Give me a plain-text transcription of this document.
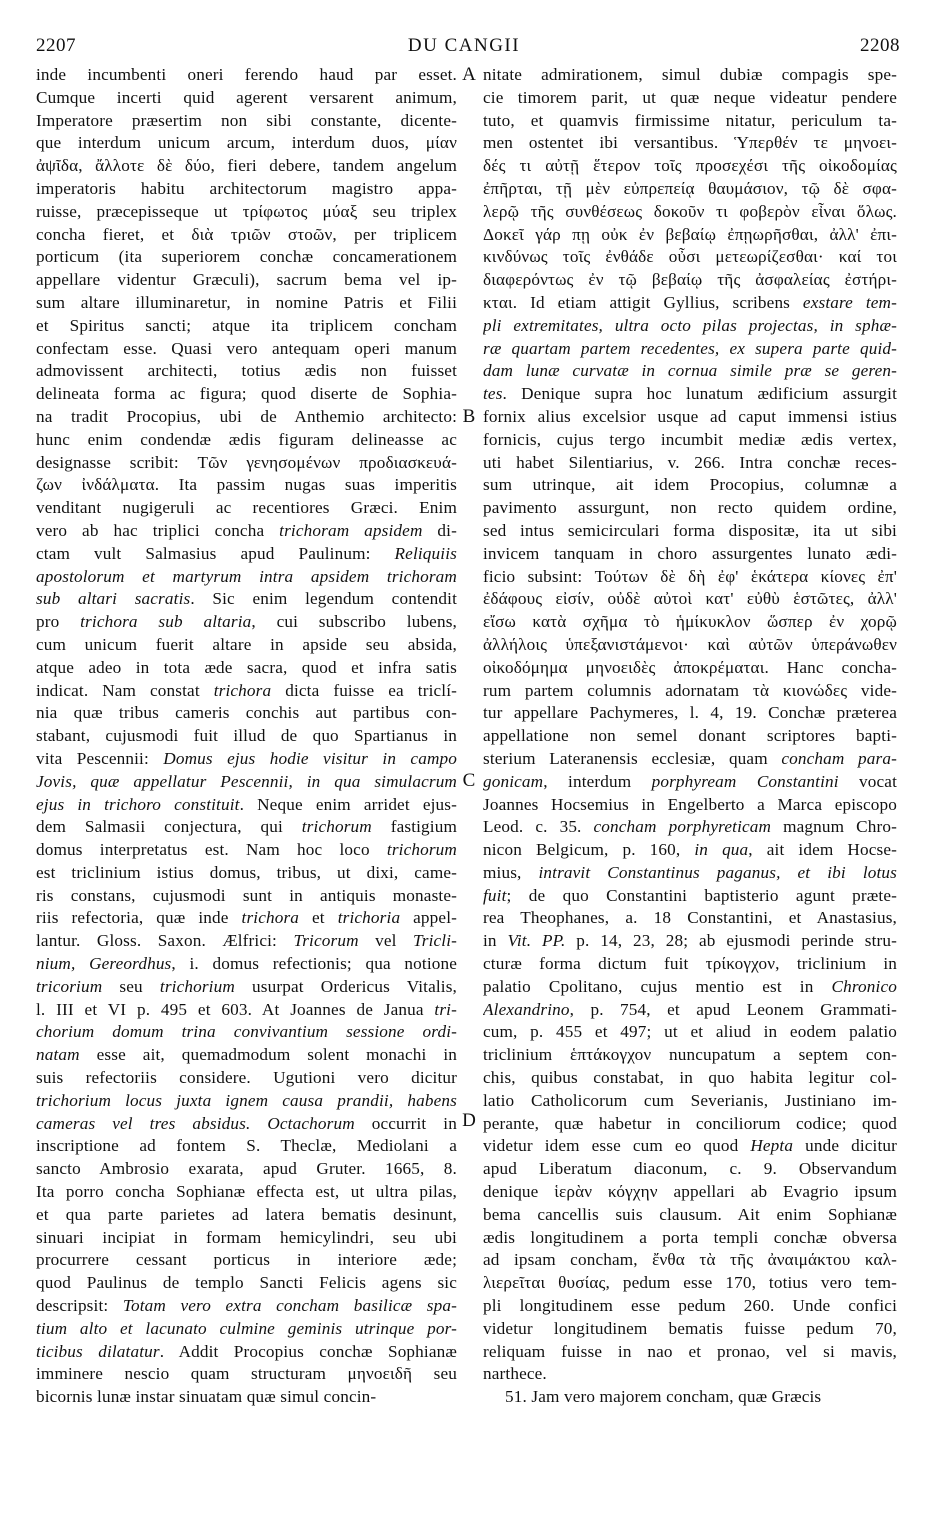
2207	DU CANGII	2208
inde incumbenti oneri ferendo haud par esset.
Cumque incerti quid agerent versarent animum,
Imperatore præsertim non sibi constante, dicente-
que interdum unicum arcum, interdum duos, μίαν
ἀψῖδα, ἄλλοτε δὲ δύο, fieri debere, tandem angelum
imperatoris habitu architectorum magistro appa-
ruisse, præcepisseque ut τρίφωτος μύαξ seu triplex
concha fieret, et διὰ τριῶν στοῶν, per triplicem
porticum (ita superiorem conchæ concamerationem
appellare videntur Græculi), sacrum bema vel ip-
sum altare illuminaretur, in nomine Patris et Filii
et Spiritus sancti; atque ita triplicem concham
confectam esse. Quasi vero antequam operi manum
admovissent architecti, totius ædis non fuisset
delineata forma ac figura; quod diserte de Sophia-
na tradit Procopius, ubi de Anthemio architecto:
hunc enim condendæ ædis figuram delineasse ac
designasse scribit: Τῶν γενησομένων προδιασκευά-
ζων ἰνδάλματα. Ita passim nugas suas imperitis
venditant nugigeruli ac recentiores Græci. Enim
vero ab hac triplici concha trichoram apsidem di-
ctam vult Salmasius apud Paulinum: Reliquiis
apostolorum et martyrum intra apsidem trichoram
sub altari sacratis. Sic enim legendum contendit
pro trichora sub altaria, cui subscribo lubens,
cum unicum fuerit altare in apside seu absida,
atque adeo in tota æde sacra, quod et infra satis
indicat. Nam constat trichora dicta fuisse ea triclí-
nia quæ tribus cameris conchis aut partibus con-
stabant, cujusmodi fuit illud de quo Spartianus in
vita Pescennii: Domus ejus hodie visitur in campo
Jovis, quæ appellatur Pescennii, in qua simulacrum
ejus in trichoro constituit. Neque enim arridet ejus-
dem Salmasii conjectura, qui trichorum fastigium
domus interpretatus est. Nam hoc loco trichorum
est triclinium istius domus, tribus, ut dixi, came-
ris constans, cujusmodi sunt in antiquis monaste-
riis refectoria, quæ inde trichora et trichoria appel-
lantur. Gloss. Saxon. Ælfrici: Tricorum vel Tricli-
nium, Gereordhus, i. domus refectionis; qua notione
tricorium seu trichorium usurpat Ordericus Vitalis,
l. III et VI p. 495 et 603. At Joannes de Janua tri-
chorium domum trina convivantium sessione ordi-
natam esse ait, quemadmodum solent monachi in
suis refectoriis considere. Ugutioni vero dicitur
trichorium locus juxta ignem causa prandii, habens
cameras vel tres absidus. Octachorum occurrit in
inscriptione ad fontem S. Theclæ, Mediolani a
sancto Ambrosio exarata, apud Gruter. 1665, 8.
Ita porro concha Sophianæ effecta est, ut ultra pilas,
et qua parte parietes ad latera bematis desinunt,
sinuari incipiat in formam hemicylindri, seu ubi
procurrere cessant porticus in interiore æde;
quod Paulinus de templo Sancti Felicis agens sic
descripsit: Totam vero extra concham basilicæ spa-
tium alto et lacunato culmine geminis utrinque por-
ticibus dilatatur. Addit Procopius conchæ Sophianæ
imminere nescio quam structuram μηνοειδῆ seu
bicornis lunæ instar sinuatam quæ simul concin-
A
B
C
D
nitate admirationem, simul dubiæ compagis spe-
cie timorem parit, ut quæ neque videatur pendere
tuto, et quamvis firmissime nitatur, periculum ta-
men ostentet ibi versantibus. Ὑπερθέν τε μηνοει-
δές τι αὐτῇ ἕτερον τοῖς προσεχέσι τῆς οἰκοδομίας
ἐπῆρται, τῇ μὲν εὐπρεπείᾳ θαυμάσιον, τῷ δὲ σφα-
λερῷ τῆς συνθέσεως δοκοῦν τι φοβερὸν εἶναι ὅλως.
Δοκεῖ γάρ πῃ οὐκ ἐν βεβαίῳ ἐπῃωρῆσθαι, ἀλλ' ἐπι-
κινδύνως τοῖς ἐνθάδε οὖσι μετεωρίζεσθαι· καί τοι
διαφερόντως ἐν τῷ βεβαίῳ τῆς ἀσφαλείας ἐστήρι-
κται. Id etiam attigit Gyllius, scribens exstare tem-
pli extremitates, ultra octo pilas projectas, in sphæ-
ræ quartam partem recedentes, ex supera parte quid-
dam lunæ curvatæ in cornua simile præ se geren-
tes. Denique supra hoc lunatum ædificium assurgit
fornix alius excelsior usque ad caput immensi istius
fornicis, cujus tergo incumbit mediæ ædis vertex,
uti habet Silentiarius, v. 266. Intra conchæ reces-
sum utrinque, ait idem Procopius, columnæ a
pavimento assurgunt, non recto quidem ordine,
sed intus semicirculari forma dispositæ, ita ut sibi
invicem tanquam in choro assurgentes lunato ædi-
ficio subsint: Τούτων δὲ δὴ ἐφ' ἑκάτερα κίονες ἐπ'
ἐδάφους εἰσίν, οὐδὲ αὐτοὶ κατ' εὐθὺ ἑστῶτες, ἀλλ'
εἴσω κατὰ σχῆμα τὸ ἡμίκυκλον ὥσπερ ἐν χορῷ
ἀλλήλοις ὑπεξανιστάμενοι· καὶ αὐτῶν ὑπεράνωθεν
οἰκοδόμημα μηνοειδὲς ἀποκρέμαται. Hanc concha-
rum partem columnis adornatam τὰ κιονώδες vide-
tur appellare Pachymeres, l. 4, 19. Conchæ præterea
appellatione non semel donant scriptores bapti-
sterium Lateranensis ecclesiæ, quam concham para-
gonicam, interdum porphyream Constantini vocat
Joannes Hocsemius in Engelberto a Marca episcopo
Leod. c. 35. concham porphyreticam magnum Chro-
nicon Belgicum, p. 160, in qua, ait idem Hocse-
mius, intravit Constantinus paganus, et ibi lotus
fuit; de quo Constantini baptisterio agunt præte-
rea Theophanes, a. 18 Constantini, et Anastasius,
in Vit. PP. p. 14, 23, 28; ab ejusmodi perinde stru-
cturæ forma dictum fuit τρίκογχον, triclinium in
palatio Cpolitano, cujus mentio est in Chronico
Alexandrino, p. 754, et apud Leonem Grammati-
cum, p. 455 et 497; ut et aliud in eodem palatio
triclinium ἑπτάκογχον nuncupatum a septem con-
chis, quibus constabat, in quo habita legitur col-
latio Catholicorum cum Severianis, Justiniano im-
perante, quæ habetur in conciliorum codice; quod
videtur idem esse cum eo quod Hepta unde dicitur
apud Liberatum diaconum, c. 9. Observandum
denique ἱερὰν κόγχην appellari ab Evagrio ipsum
bema cancellis suis clausum. Ait enim Sophianæ
ædis longitudinem a porta templi conchæ obversa
ad ipsam concham, ἔνθα τὰ τῆς ἀναιμάκτου καλ-
λιερεῖται θυσίας, pedum esse 170, totius vero tem-
pli longitudinem esse pedum 260. Unde confici
videtur longitudinem bematis fuisse pedum 70,
reliquam fuisse in nao et pronao, vel si mavis,
narthece.
51. Jam vero majorem concham, quæ Græcis
